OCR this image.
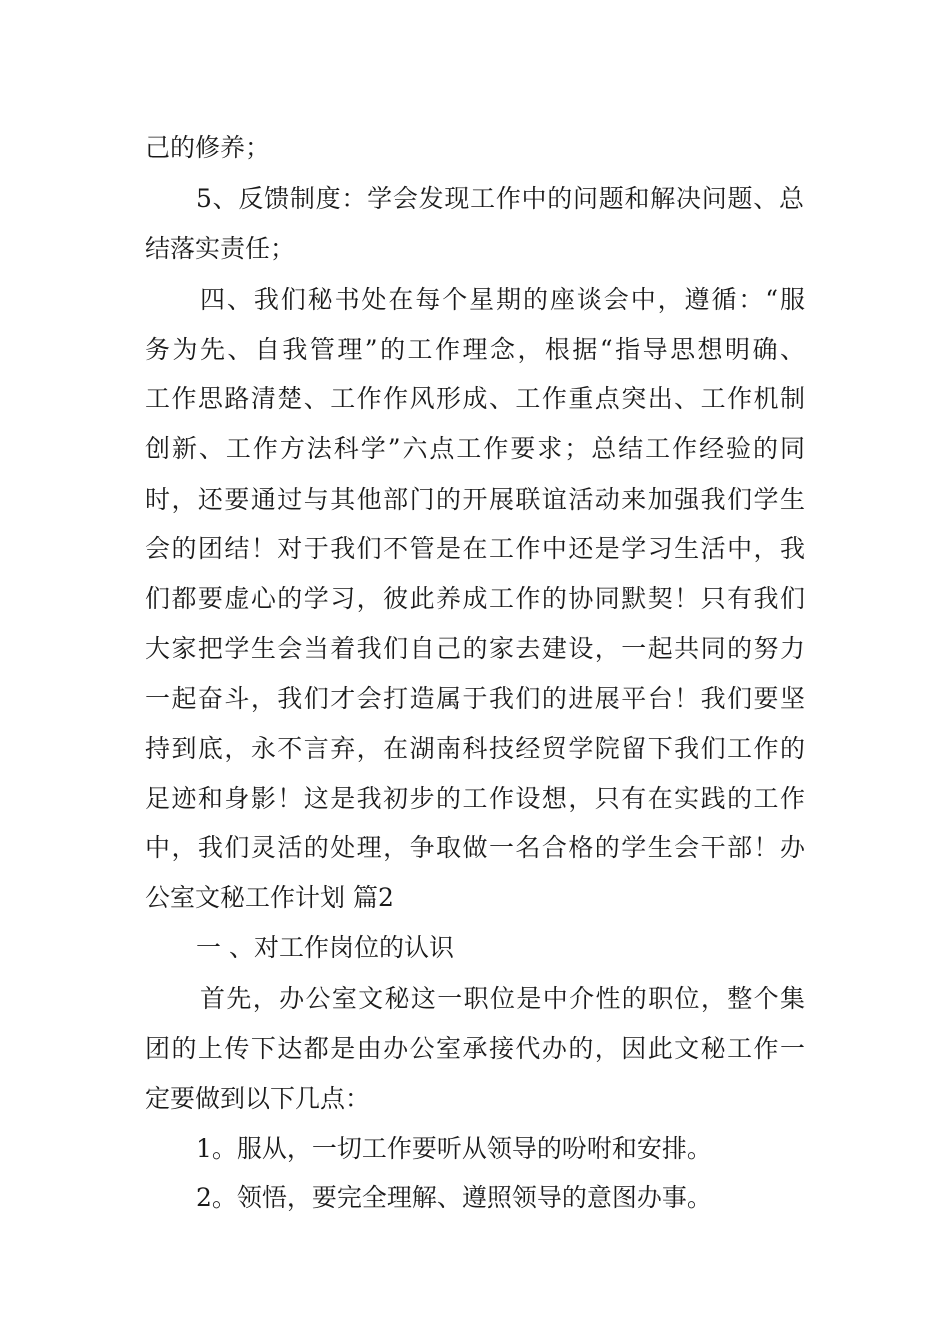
己的修养；
5、反馈制度：学会发现工作中的问题和解决问题、总
结落实责任；
四、我们秘书处在每个星期的座谈会中，遵循：“服
务为先、自我管理”的工作理念，根据“指导思想明确、
工作思路清楚、工作作风形成、工作重点突出、工作机制
创新、工作方法科学”六点工作要求；总结工作经验的同
时，还要通过与其他部门的开展联谊活动来加强我们学生
会的团结！对于我们不管是在工作中还是学习生活中，我
们都要虚心的学习，彼此养成工作的协同默契！只有我们
大家把学生会当着我们自己的家去建设，一起共同的努力
一起奋斗，我们才会打造属于我们的进展平台！我们要坚
持到底，永不言弃，在湖南科技经贸学院留下我们工作的
足迹和身影！这是我初步的工作设想，只有在实践的工作
中，我们灵活的处理，争取做一名合格的学生会干部！办
公室文秘工作计划 篇2
一 、对工作岗位的认识
首先，办公室文秘这一职位是中介性的职位，整个集
团的上传下达都是由办公室承接代办的，因此文秘工作一
定要做到以下几点：
1。服从，一切工作要听从领导的吩咐和安排。
2。领悟，要完全理解、遵照领导的意图办事。
